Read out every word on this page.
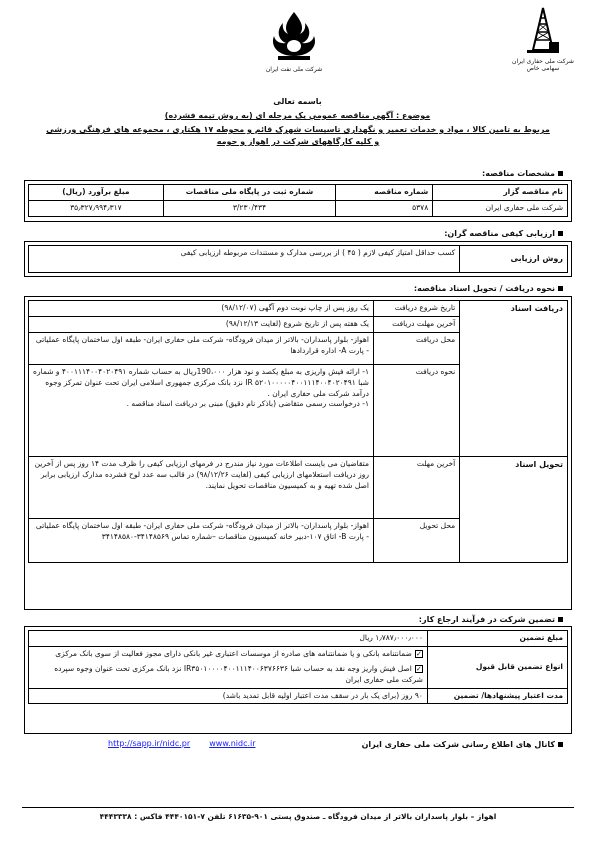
شرکت ملی نفت ایران
شرکت ملی حفاری ایران
سهامی خاص
باسمه تعالی
موضوع : آگهي مناقصه عمومي يک مرحله ای (به روش تيمه فشرده)
مربوط به تامین کالا ، مواد و خدمات تعمیر و نگهداری تاسیسات شهرک قائم و محوطه ۱۷ هکتاری ، مجموعه های فرهنگی ورزشی
و کلیه کارگاههای شرکت در اهواز و حومه
مشخصات مناقصه:
نام مناقصه گزار	شماره مناقصه	شماره ثبت در پایگاه ملی مناقصات	مبلغ برآورد (ریال)
شرکت ملی حفاری ایران	۵۳۷۸	۳/۲۳۰/۴۳۴	۳۵٫۳۲۷٫۹۹۴٫۳۱۷
ارزیابی کیفی مناقصه گران:
روش ارزیابی	کسب حداقل امتیاز کیفی لازم ( ۴۵ ) از بررسی مدارک و مستندات مربوطه ارزیابی کیفی
نحوه دریافت / تحویل اسناد مناقصه:
دریافت اسناد	تاریخ شروع دریافت	یک روز پس از چاپ نوبت دوم آگهی (۹۸/۱۲/۰۷)
	آخرین مهلت دریافت	یک هفته پس از تاریخ شروع (لغایت ۹۸/۱۲/۱۳)
	محل دریافت	اهواز- بلوار پاسداران- بالاتر از میدان فرودگاه- شرکت ملی حفاری ایران- طبقه اول ساختمان پایگاه عملیاتی - پارت A- اداره قراردادها
	نحوه دریافت	۱- ارائه فیش واریزی به مبلغ یکصد و نود هزار 190،۰۰۰ریال به حساب شماره ۴۰۰۱۱۱۴۰۰۴۰۲۰۴۹۱ و شماره شبا IR ۵۲۰۱۰۰۰۰۰۴۰۰۱۱۱۴۰۰۴۰۲۰۴۹۱ نزد بانک مرکزی جمهوری اسلامی ایران تحت عنوان تمرکز وجوه درآمد شرکت ملی حفاری ایران .
۱- درخواست رسمی متقاضی (باذکر نام دقیق) مبنی بر دریافت اسناد مناقصه .

تحویل اسناد	آخرین مهلت	متقاضیان می بایست اطلاعات مورد نیاز مندرج در فرمهای ارزیابی کیفی را ظرف مدت ۱۴ روز پس از آخرین روز دریافت استعلامهای ارزیابی کیفی (لغایت ۹۸/۱۲/۲۶) در قالب سه عدد لوح فشرده مدارک ارزیابی برابر اصل شده تهیه و به کمیسیون مناقصات تحویل نمایند.
	محل تحویل	اهواز- بلوار پاسداران- بالاتر از میدان فرودگاه- شرکت ملی حفاری ایران- طبقه اول ساختمان پایگاه عملیاتی - پارت B- اتاق ۱۰۷-دبیر خانه کمیسیون مناقصات –شماره تماس ۳۴۱۴۸۵۶۹-۳۴۱۴۸۵۸۰
تضمین شرکت در فرآیند ارجاع کار:
مبلغ تضمین	۱٫۷۸۷٫۰۰۰٫۰۰۰ ریال
انواع تضمین قابل قبول	✓ضمانتنامه بانکی و یا ضمانتنامه های صادره از موسسات اعتباری غیر بانکی دارای مجوز فعالیت از سوی بانک مرکزی
✓اصل فیش واریز وجه نقد به حساب شبا IR۳۵۰۱۰۰۰۰۴۰۰۱۱۱۴۰۰۶۳۷۶۶۳۶ نزد بانک مرکزی تحت عنوان وجوه سپرده شرکت ملی حفاری ایران

مدت اعتبار پیشنهادها/ تضمین	۹۰ روز (برای یک بار در سقف مدت اعتبار اولیه قابل تمدید باشد)
کانال های اطلاع رسانی شرکت ملی حفاری ایران
http://sapp.ir/nidc.pr www.nidc.ir
اهواز – بلوار پاسداران بالاتر از میدان فرودگاه ـ صندوق پستی ۹۰۱-۶۱۶۳۵ تلفن ۷-۴۴۴۰۱۵۱ فاکس : ۴۴۴۳۳۳۸
